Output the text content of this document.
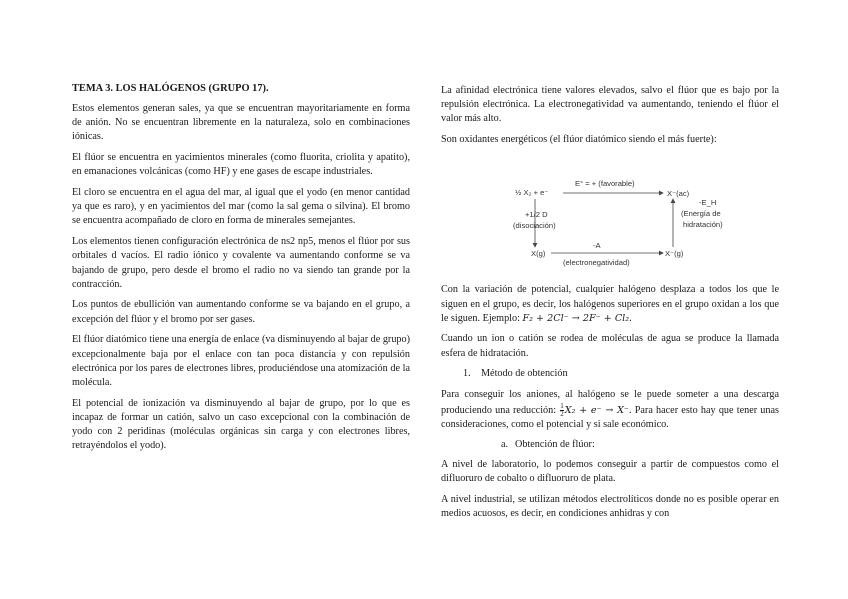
TEMA 3. LOS HALÓGENOS (GRUPO 17).

Estos elementos generan sales, ya que se encuentran mayoritariamente en forma de anión. No se encuentran libremente en la naturaleza, solo en combinaciones iónicas.

El flúor se encuentra en yacimientos minerales (como fluorita, criolita y apatito), en emanaciones volcánicas (como HF) y ene gases de escape industriales.

El cloro se encuentra en el agua del mar, al igual que el yodo (en menor cantidad ya que es raro), y en yacimientos del mar (como la sal gema o silvina). El bromo se encuentra acompañado de cloro en forma de minerales semejantes.

Los elementos tienen configuración electrónica de ns2 np5, menos el flúor por sus orbitales d vacíos. El radio iónico y covalente va aumentando conforme se va bajando de grupo, pero desde el bromo el radio no va siendo tan grande por la contracción.

Los puntos de ebullición van aumentando conforme se va bajando en el grupo, a excepción del flúor y el bromo por ser gases.

El flúor diatómico tiene una energía de enlace (va disminuyendo al bajar de grupo) excepcionalmente baja por el enlace con tan poca distancia y con repulsión electrónica por los pares de electrones libres, produciéndose una atomización de la molécula.

El potencial de ionización va disminuyendo al bajar de grupo, por lo que es incapaz de formar un catión, salvo un caso excepcional con la combinación de yodo con 2 peridinas (moléculas orgánicas sin carga y con electrones libres, retrayéndolos el yodo).

La afinidad electrónica tiene valores elevados, salvo el flúor que es bajo por la repulsión electrónica. La electronegatividad va aumentando, teniendo el flúor el valor más alto.

Son oxidantes energéticos (el flúor diatómico siendo el más fuerte):

½ X₂ + e⁻	X⁻(ac)
E° = + (favorable)
+1/2 D
(disociación)
-E_H
(Energía de
hidratación)
X(g)	X⁻(g)
-A
(electronegatividad)

Con la variación de potencial, cualquier halógeno desplaza a todos los que le siguen en el grupo, es decir, los halógenos superiores en el grupo oxidan a los que le siguen. Ejemplo: F₂ + 2Cl⁻ → 2F⁻ + Cl₂.

Cuando un ion o catión se rodea de moléculas de agua se produce la llamada esfera de hidratación.

1. Método de obtención

Para conseguir los aniones, al halógeno se le puede someter a una descarga produciendo una reducción: $\frac{1}{2} X_2 + e^- \to X^-$. Para hacer esto hay que tener unas consideraciones, como el potencial y si sale económico.

a. Obtención de flúor:

A nivel de laboratorio, lo podemos conseguir a partir de compuestos como el difluoruro de cobalto o difluoruro de plata.

A nivel industrial, se utilizan métodos electrolíticos donde no es posible operar en medios acuosos, es decir, en condiciones anhidras y con
